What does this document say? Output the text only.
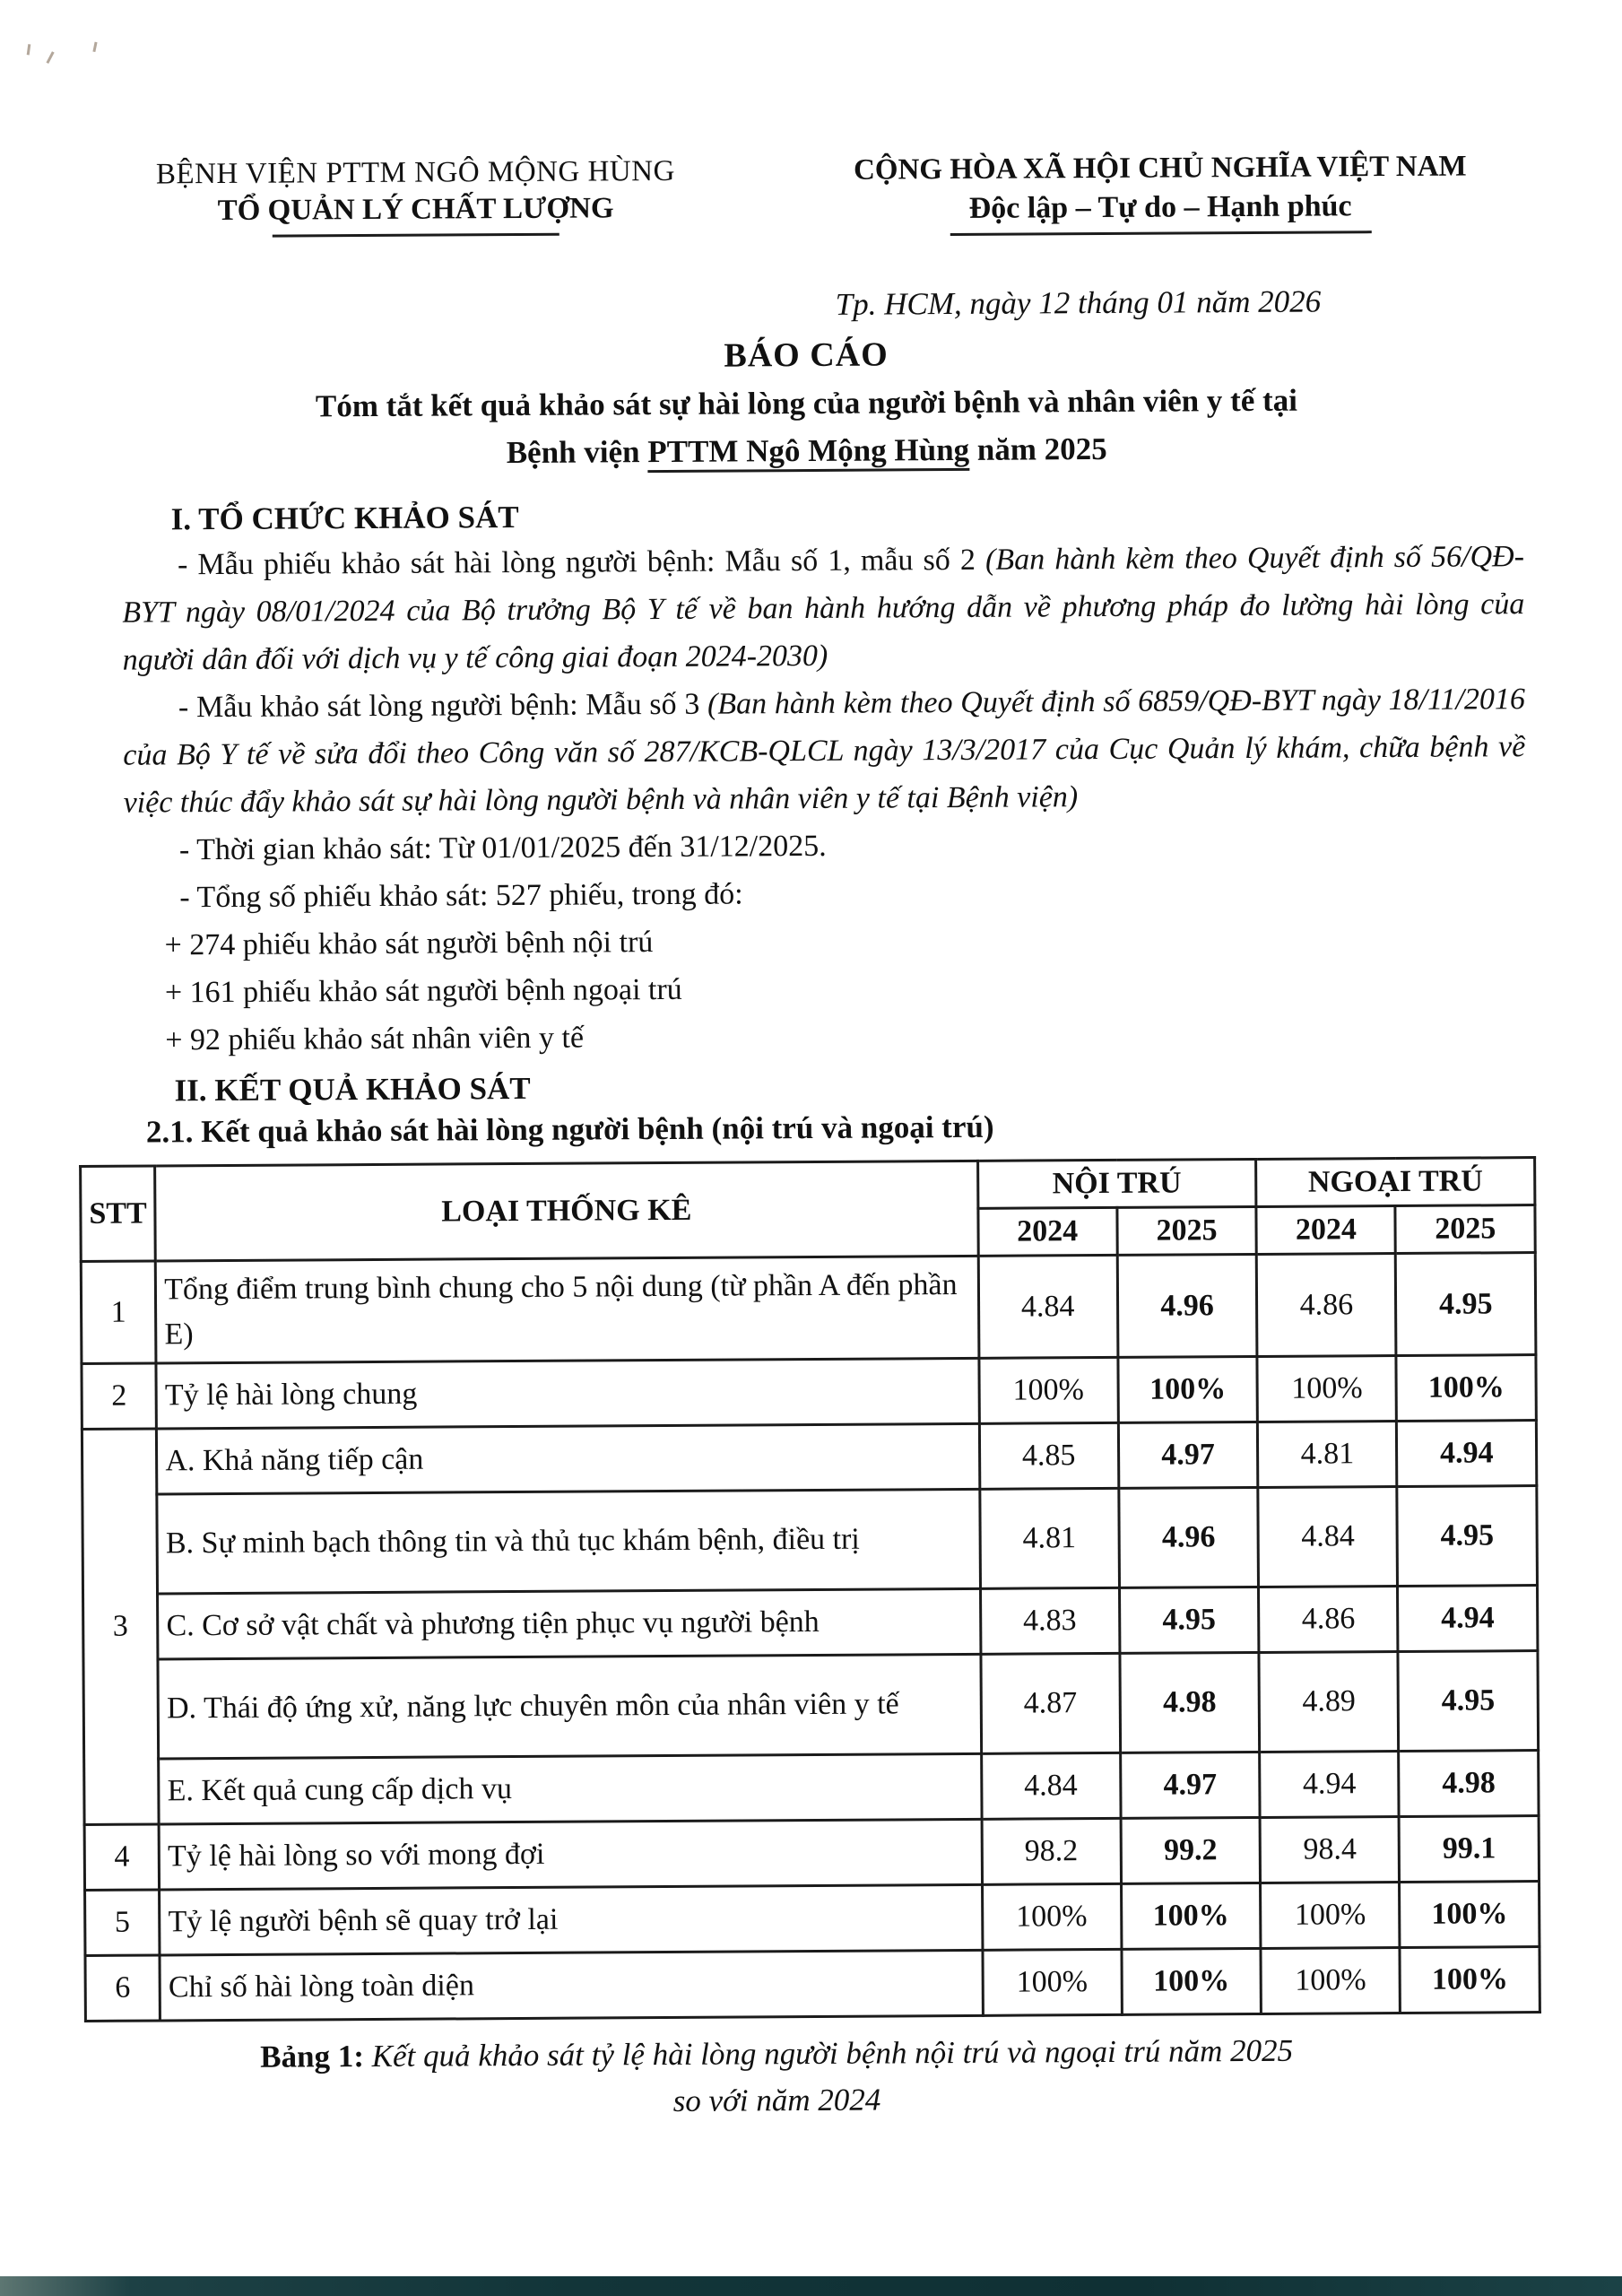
BỆNH VIỆN PTTM NGÔ MỘNG HÙNG
TỔ QUẢN LÝ CHẤT LƯỢNG
CỘNG HÒA XÃ HỘI CHỦ NGHĨA VIỆT NAM
Độc lập – Tự do – Hạnh phúc
Tp. HCM, ngày 12 tháng 01 năm 2026
BÁO CÁO
Tóm tắt kết quả khảo sát sự hài lòng của người bệnh và nhân viên y tế tại
Bệnh viện PTTM Ngô Mộng Hùng năm 2025
I. TỔ CHỨC KHẢO SÁT

- Mẫu phiếu khảo sát hài lòng người bệnh: Mẫu số 1, mẫu số 2 (Ban hành kèm theo Quyết định số 56/QĐ-BYT ngày 08/01/2024 của Bộ trưởng Bộ Y tế về ban hành hướng dẫn về phương pháp đo lường hài lòng của người dân đối với dịch vụ y tế công giai đoạn 2024-2030)

- Mẫu khảo sát lòng người bệnh: Mẫu số 3 (Ban hành kèm theo Quyết định số 6859/QĐ-BYT ngày 18/11/2016 của Bộ Y tế về sửa đổi theo Công văn số 287/KCB-QLCL ngày 13/3/2017 của Cục Quản lý khám, chữa bệnh về việc thúc đẩy khảo sát sự hài lòng người bệnh và nhân viên y tế tại Bệnh viện)

- Thời gian khảo sát: Từ 01/01/2025 đến 31/12/2025.
- Tổng số phiếu khảo sát: 527 phiếu, trong đó:
+ 274 phiếu khảo sát người bệnh nội trú
+ 161 phiếu khảo sát người bệnh ngoại trú
+ 92 phiếu khảo sát nhân viên y tế
II. KẾT QUẢ KHẢO SÁT
2.1. Kết quả khảo sát hài lòng người bệnh (nội trú và ngoại trú)
STT	LOẠI THỐNG KÊ	NỘI TRÚ		NGOẠI TRÚ	
		2024	2025	2024	2025
1	Tổng điểm trung bình chung cho 5 nội dung (từ phần A đến phần E)	4.84	4.96	4.86	4.95
2	Tỷ lệ hài lòng chung	100%	100%	100%	100%
3	A. Khả năng tiếp cận	4.85	4.97	4.81	4.94
	B. Sự minh bạch thông tin và thủ tục khám bệnh, điều trị	4.81	4.96	4.84	4.95
	C. Cơ sở vật chất và phương tiện phục vụ người bệnh	4.83	4.95	4.86	4.94
	D. Thái độ ứng xử, năng lực chuyên môn của nhân viên y tế	4.87	4.98	4.89	4.95
	E. Kết quả cung cấp dịch vụ	4.84	4.97	4.94	4.98
4	Tỷ lệ hài lòng so với mong đợi	98.2	99.2	98.4	99.1
5	Tỷ lệ người bệnh sẽ quay trở lại	100%	100%	100%	100%
6	Chỉ số hài lòng toàn diện	100%	100%	100%	100%
Bảng 1: Kết quả khảo sát tỷ lệ hài lòng người bệnh nội trú và ngoại trú năm 2025
so với năm 2024
